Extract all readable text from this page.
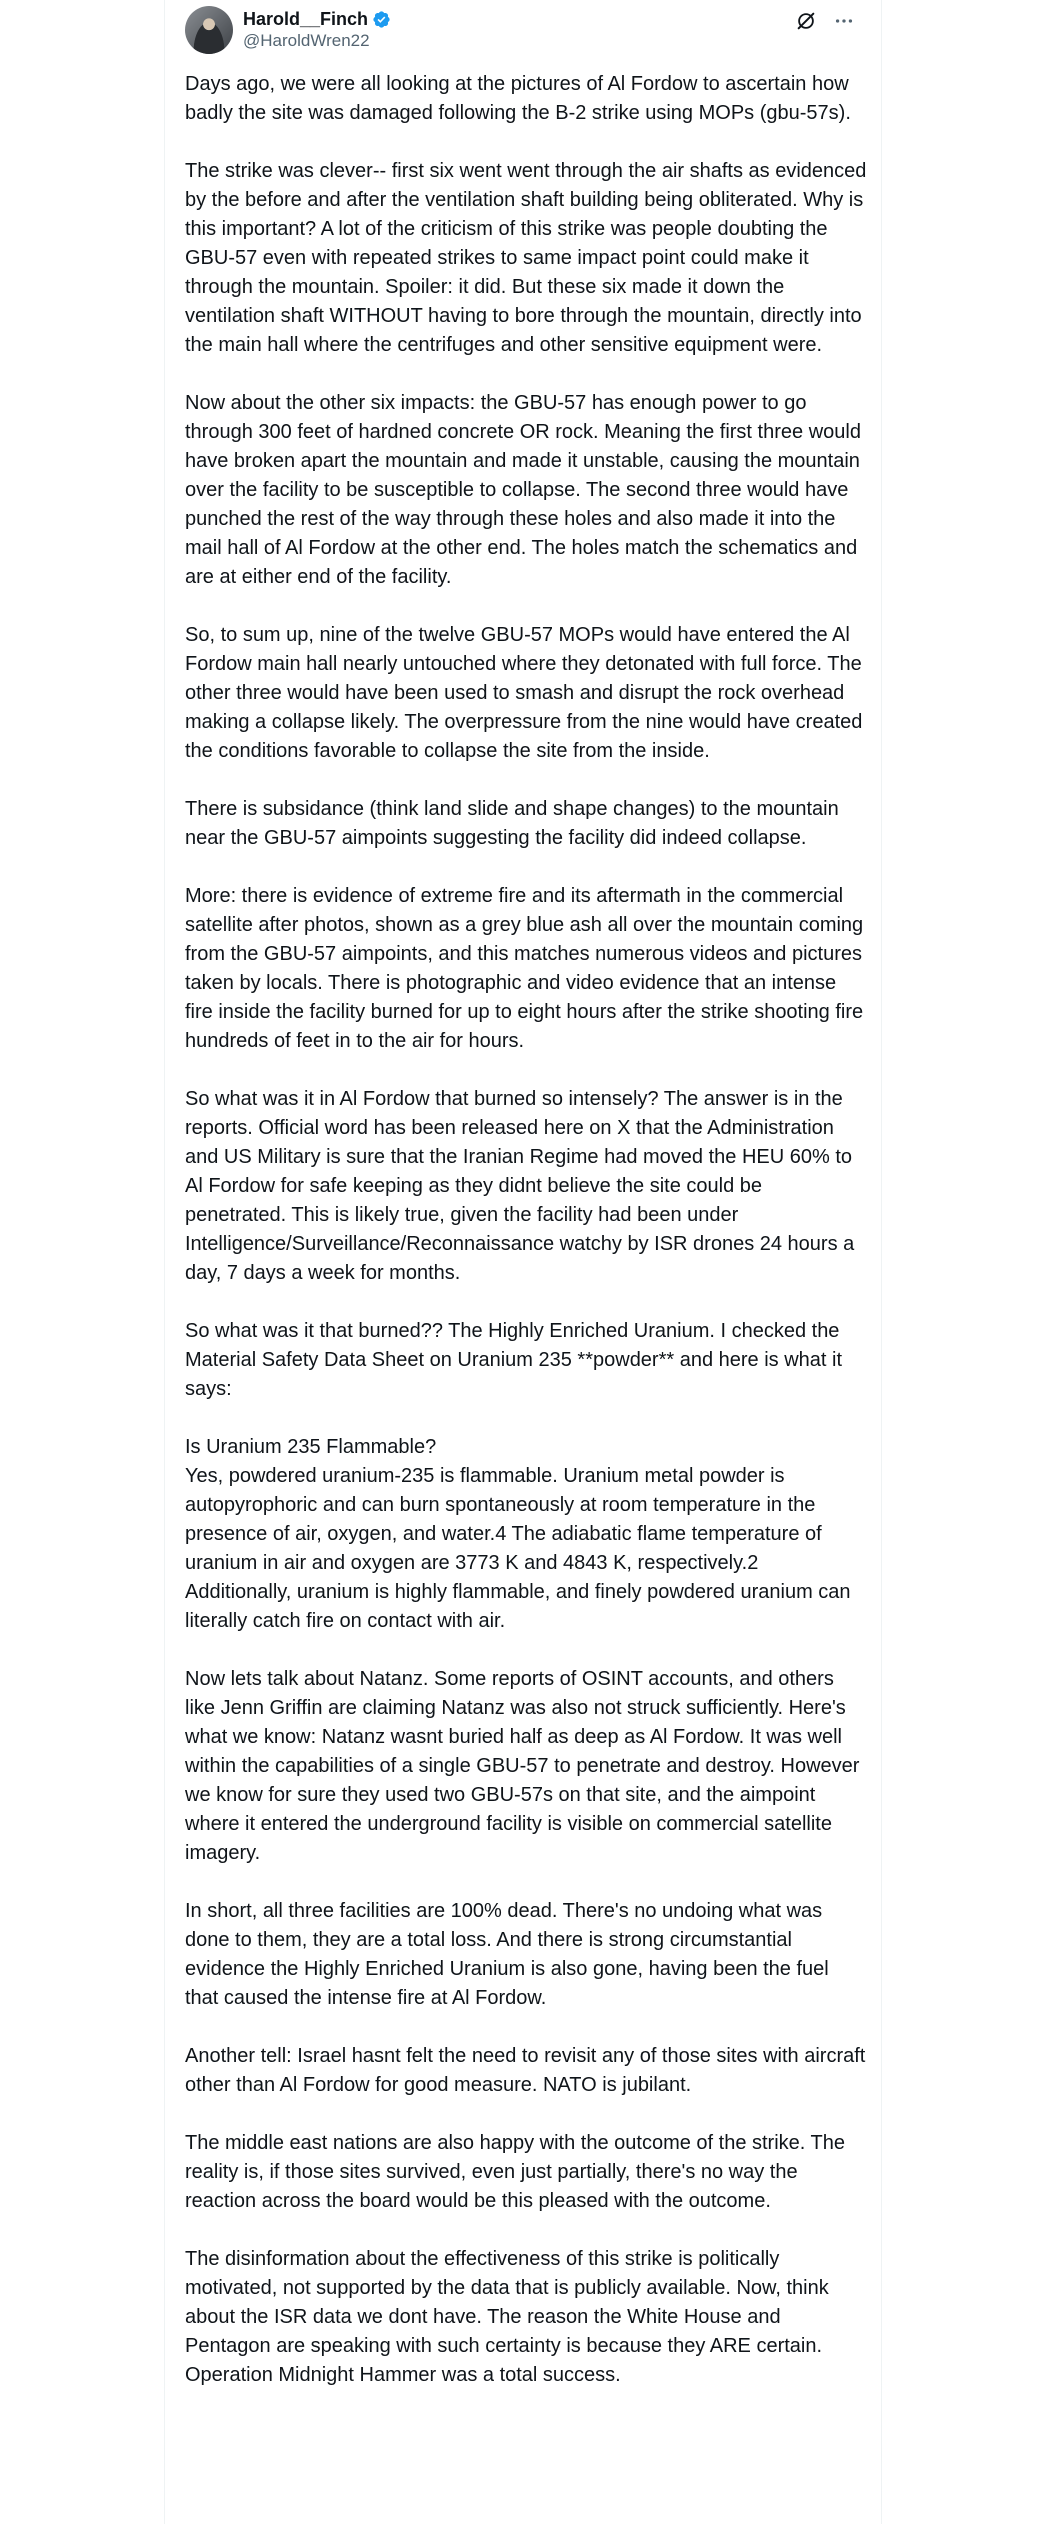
Harold__Finch
@HaroldWren22

Days ago, we were all looking at the pictures of Al Fordow to ascertain how badly the site was damaged following the B-2 strike using MOPs (gbu-57s).

The strike was clever-- first six went went through the air shafts as evidenced by the before and after the ventilation shaft building being obliterated. Why is this important? A lot of the criticism of this strike was people doubting the GBU-57 even with repeated strikes to same impact point could make it through the mountain. Spoiler: it did. But these six made it down the ventilation shaft WITHOUT having to bore through the mountain, directly into the main hall where the centrifuges and other sensitive equipment were.

Now about the other six impacts: the GBU-57 has enough power to go through 300 feet of hardned concrete OR rock. Meaning the first three would have broken apart the mountain and made it unstable, causing the mountain over the facility to be susceptible to collapse. The second three would have punched the rest of the way through these holes and also made it into the mail hall of Al Fordow at the other end. The holes match the schematics and are at either end of the facility.

So, to sum up, nine of the twelve GBU-57 MOPs would have entered the Al Fordow main hall nearly untouched where they detonated with full force. The other three would have been used to smash and disrupt the rock overhead making a collapse likely. The overpressure from the nine would have created the conditions favorable to collapse the site from the inside.

There is subsidance (think land slide and shape changes) to the mountain near the GBU-57 aimpoints suggesting the facility did indeed collapse.

More: there is evidence of extreme fire and its aftermath in the commercial satellite after photos, shown as a grey blue ash all over the mountain coming from the GBU-57 aimpoints, and this matches numerous videos and pictures taken by locals. There is photographic and video evidence that an intense fire inside the facility burned for up to eight hours after the strike shooting fire hundreds of feet in to the air for hours.

So what was it in Al Fordow that burned so intensely? The answer is in the reports. Official word has been released here on X that the Administration and US Military is sure that the Iranian Regime had moved the HEU 60% to Al Fordow for safe keeping as they didnt believe the site could be penetrated. This is likely true, given the facility had been under Intelligence/Surveillance/Reconnaissance watchy by ISR drones 24 hours a day, 7 days a week for months.

So what was it that burned?? The Highly Enriched Uranium. I checked the Material Safety Data Sheet on Uranium 235 **powder** and here is what it says:

Is Uranium 235 Flammable?
Yes, powdered uranium-235 is flammable. Uranium metal powder is autopyrophoric and can burn spontaneously at room temperature in the presence of air, oxygen, and water.4 The adiabatic flame temperature of uranium in air and oxygen are 3773 K and 4843 K, respectively.2 Additionally, uranium is highly flammable, and finely powdered uranium can literally catch fire on contact with air.

Now lets talk about Natanz. Some reports of OSINT accounts, and others like Jenn Griffin are claiming Natanz was also not struck sufficiently. Here's what we know: Natanz wasnt buried half as deep as Al Fordow. It was well within the capabilities of a single GBU-57 to penetrate and destroy. However we know for sure they used two GBU-57s on that site, and the aimpoint where it entered the underground facility is visible on commercial satellite imagery.

In short, all three facilities are 100% dead. There's no undoing what was done to them, they are a total loss. And there is strong circumstantial evidence the Highly Enriched Uranium is also gone, having been the fuel that caused the intense fire at Al Fordow.

Another tell: Israel hasnt felt the need to revisit any of those sites with aircraft other than Al Fordow for good measure. NATO is jubilant.

The middle east nations are also happy with the outcome of the strike. The reality is, if those sites survived, even just partially, there's no way the reaction across the board would be this pleased with the outcome.

The disinformation about the effectiveness of this strike is politically motivated, not supported by the data that is publicly available. Now, think about the ISR data we dont have. The reason the White House and Pentagon are speaking with such certainty is because they ARE certain. Operation Midnight Hammer was a total success.
